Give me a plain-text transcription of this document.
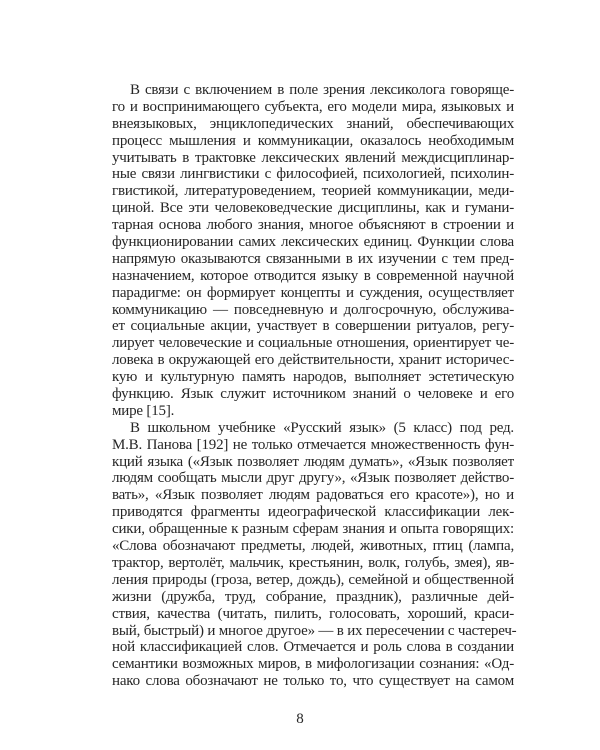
В связи с включением в поле зрения лексиколога говоряще-
го и воспринимающего субъекта, его модели мира, языковых и
внеязыковых, энциклопедических знаний, обеспечивающих
процесс мышления и коммуникации, оказалось необходимым
учитывать в трактовке лексических явлений междисциплинар-
ные связи лингвистики с философией, психологией, психолин-
гвистикой, литературоведением, теорией коммуникации, меди-
циной. Все эти человековедческие дисциплины, как и гумани-
тарная основа любого знания, многое объясняют в строении и
функционировании самих лексических единиц. Функции слова
напрямую оказываются связанными в их изучении с тем пред-
назначением, которое отводится языку в современной научной
парадигме: он формирует концепты и суждения, осуществляет
коммуникацию — повседневную и долгосрочную, обслужива-
ет социальные акции, участвует в совершении ритуалов, регу-
лирует человеческие и социальные отношения, ориентирует че-
ловека в окружающей его действительности, хранит историчес-
кую и культурную память народов, выполняет эстетическую
функцию. Язык служит источником знаний о человеке и его
мире [15].
В школьном учебнике «Русский язык» (5 класс) под ред.
М.В. Панова [192] не только отмечается множественность фун-
кций языка («Язык позволяет людям думать», «Язык позволяет
людям сообщать мысли друг другу», «Язык позволяет действо-
вать», «Язык позволяет людям радоваться его красоте»), но и
приводятся фрагменты идеографической классификации лек-
сики, обращенные к разным сферам знания и опыта говорящих:
«Слова обозначают предметы, людей, животных, птиц (лампа,
трактор, вертолёт, мальчик, крестьянин, волк, голубь, змея), яв-
ления природы (гроза, ветер, дождь), семейной и общественной
жизни (дружба, труд, собрание, праздник), различные дей-
ствия, качества (читать, пилить, голосовать, хороший, краси-
вый, быстрый) и многое другое» — в их пересечении с частереч-
ной классификацией слов. Отмечается и роль слова в создании
семантики возможных миров, в мифологизации сознания: «Од-
нако слова обозначают не только то, что существует на самом
8
